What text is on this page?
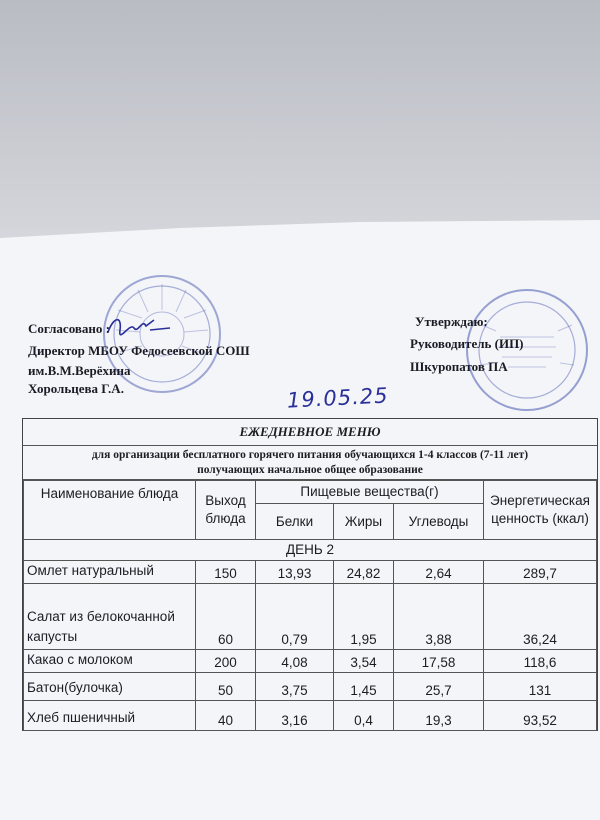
Согласовано :
Директор МБОУ Федосеевской СОШ
им.В.М.Верёхина
Хорольцева Г.А.
Утверждаю:
Руководитель (ИП)
Шкуропатов ПА
19.05.25
ЕЖЕДНЕВНОЕ МЕНЮ
для организации бесплатного горячего питания обучающихся 1-4 классов (7-11 лет)
получающих начальное общее образование
Наименование блюда	Выход блюда	Пищевые вещества(г)			Энергетическая ценность (ккал)
		Белки	Жиры	Углеводы	
ДЕНЬ 2					
Омлет натуральный	150	13,93	24,82	2,64	289,7
Салат из белокочанной капусты	60	0,79	1,95	3,88	36,24
Какао с молоком	200	4,08	3,54	17,58	118,6
Батон(булочка)	50	3,75	1,45	25,7	131
Хлеб пшеничный	40	3,16	0,4	19,3	93,52
